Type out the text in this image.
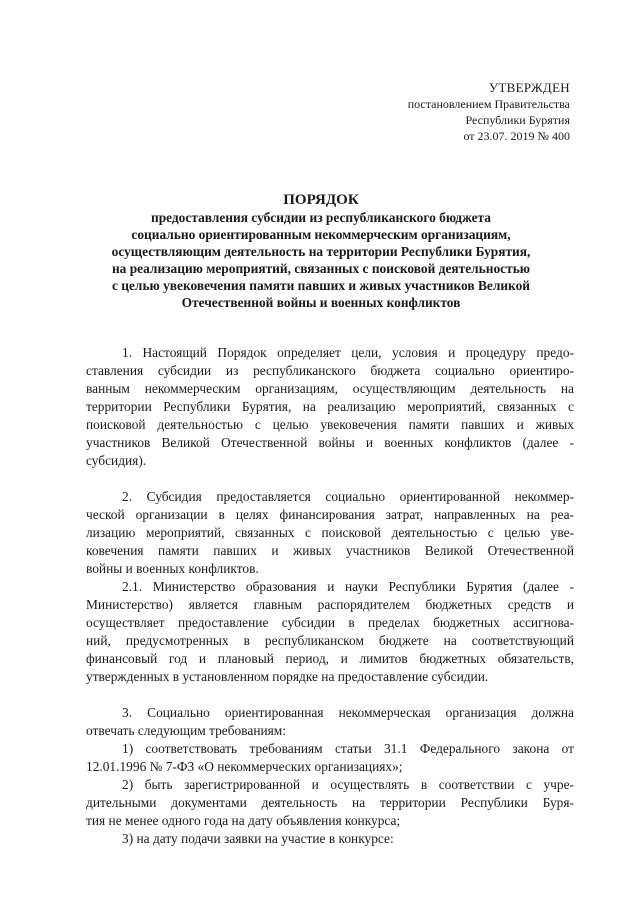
УТВЕРЖДЕН
постановлением Правительства
Республики Бурятия
от 23.07. 2019 № 400
ПОРЯДОК
предоставления субсидии из республиканского бюджета
социально ориентированным некоммерческим организациям,
осуществляющим деятельность на территории Республики Бурятия,
на реализацию мероприятий, связанных с поисковой деятельностью
с целью увековечения памяти павших и живых участников Великой
Отечественной войны и военных конфликтов
1. Настоящий Порядок определяет цели, условия и процедуру предо-
ставления субсидии из республиканского бюджета социально ориентиро-
ванным некоммерческим организациям, осуществляющим деятельность на
территории Республики Бурятия, на реализацию мероприятий, связанных с
поисковой деятельностью с целью увековечения памяти павших и живых
участников Великой Отечественной войны и военных конфликтов (далее -
субсидия).
2. Субсидия предоставляется социально ориентированной некоммер-
ческой организации в целях финансирования затрат, направленных на реа-
лизацию мероприятий, связанных с поисковой деятельностью с целью уве-
ковечения памяти павших и живых участников Великой Отечественной
войны и военных конфликтов.
2.1. Министерство образования и науки Республики Бурятия (далее -
Министерство) является главным распорядителем бюджетных средств и
осуществляет предоставление субсидии в пределах бюджетных ассигнова-
ний, предусмотренных в республиканском бюджете на соответствующий
финансовый год и плановый период, и лимитов бюджетных обязательств,
утвержденных в установленном порядке на предоставление субсидии.
3. Социально ориентированная некоммерческая организация должна
отвечать следующим требованиям:
1) соответствовать требованиям статьи 31.1 Федерального закона от
12.01.1996 № 7-ФЗ «О некоммерческих организациях»;
2) быть зарегистрированной и осуществлять в соответствии с учре-
дительными документами деятельность на территории Республики Буря-
тия не менее одного года на дату объявления конкурса;
3) на дату подачи заявки на участие в конкурсе:
